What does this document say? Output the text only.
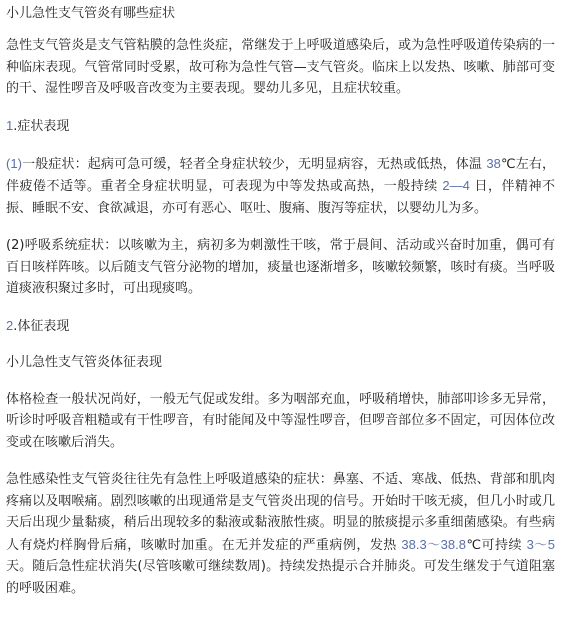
小儿急性支气管炎有哪些症状

急性支气管炎是支气管粘膜的急性炎症，常继发于上呼吸道感染后，或为急性呼吸道传染病的一种临床表现。气管常同时受累，故可称为急性气管—支气管炎。临床上以发热、咳嗽、肺部可变的干、湿性啰音及呼吸音改变为主要表现。婴幼儿多见，且症状较重。

1.症状表现

(1)一般症状：起病可急可缓，轻者全身症状较少，无明显病容，无热或低热，体温 38℃左右，伴疲倦不适等。重者全身症状明显，可表现为中等发热或高热，一般持续 2—4 日，伴精神不振、睡眠不安、食欲减退，亦可有恶心、呕吐、腹痛、腹泻等症状，以婴幼儿为多。

(2)呼吸系统症状：以咳嗽为主，病初多为刺激性干咳，常于晨间、活动或兴奋时加重，偶可有百日咳样阵咳。以后随支气管分泌物的增加，痰量也逐渐增多，咳嗽较频繁，咳时有痰。当呼吸道痰液积聚过多时，可出现痰鸣。

2.体征表现

小儿急性支气管炎体征表现

体格检查一般状况尚好，一般无气促或发绀。多为咽部充血，呼吸稍增快，肺部叩诊多无异常，听诊时呼吸音粗糙或有干性啰音，有时能闻及中等湿性啰音，但啰音部位多不固定，可因体位改变或在咳嗽后消失。

急性感染性支气管炎往往先有急性上呼吸道感染的症状：鼻塞、不适、寒战、低热、背部和肌肉疼痛以及咽喉痛。剧烈咳嗽的出现通常是支气管炎出现的信号。开始时干咳无痰，但几小时或几天后出现少量黏痰，稍后出现较多的黏液或黏液脓性痰。明显的脓痰提示多重细菌感染。有些病人有烧灼样胸骨后痛，咳嗽时加重。在无并发症的严重病例，发热 38.3～38.8℃可持续 3～5 天。随后急性症状消失(尽管咳嗽可继续数周)。持续发热提示合并肺炎。可发生继发于气道阻塞的呼吸困难。
